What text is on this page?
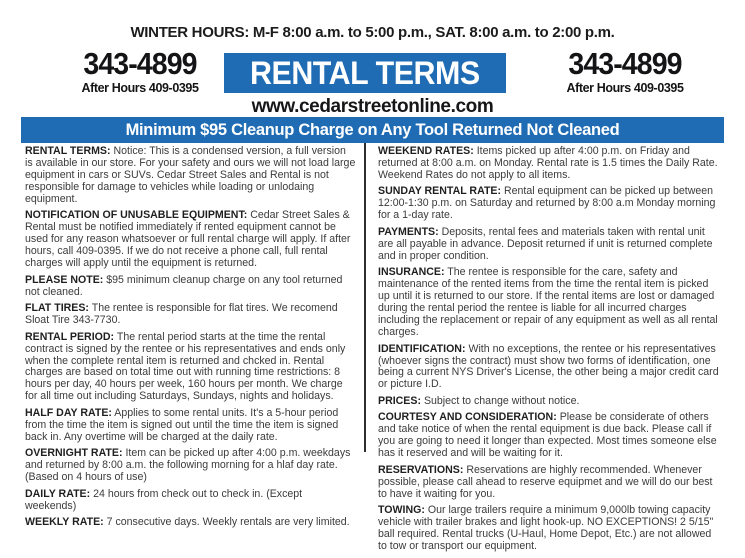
WINTER HOURS: M-F 8:00 a.m. to 5:00 p.m., SAT. 8:00 a.m. to 2:00 p.m.
343-4899
After Hours 409-0395	RENTAL TERMS	343-4899
After Hours 409-0395
www.cedarstreetonline.com
Minimum $95 Cleanup Charge on Any Tool Returned Not Cleaned

RENTAL TERMS: Notice: This is a condensed version, a full version is available in our store. For your safety and ours we will not load large equipment in cars or SUVs. Cedar Street Sales and Rental is not responsible for damage to vehicles while loading or unlodaing equipment.

NOTIFICATION OF UNUSABLE EQUIPMENT: Cedar Street Sales & Rental must be notified immediately if rented equipment cannot be used for any reason whatsoever or full rental charge will apply. If after hours, call 409-0395. If we do not receive a phone call, full rental charges will apply until the equipment is returned.

PLEASE NOTE: $95 minimum cleanup charge on any tool returned not cleaned.

FLAT TIRES: The rentee is responsible for flat tires. We recomend Sloat Tire 343-7730.

RENTAL PERIOD: The rental period starts at the time the rental contract is signed by the rentee or his representatives and ends only when the complete rental item is returned and chcked in. Rental charges are based on total time out with running time restrictions: 8 hours per day, 40 hours per week, 160 hours per month. We charge for all time out including Saturdays, Sundays, nights and holidays.

HALF DAY RATE: Applies to some rental units. It's a 5-hour period from the time the item is signed out until the time the item is signed back in. Any overtime will be charged at the daily rate.

OVERNIGHT RATE: Item can be picked up after 4:00 p.m. weekdays and returned by 8:00 a.m. the following morning for a hlaf day rate. (Based on 4 hours of use)

DAILY RATE: 24 hours from check out to check in. (Except weekends)

WEEKLY RATE: 7 consecutive days. Weekly rentals are very limited.

WEEKEND RATES: Items picked up after 4:00 p.m. on Friday and returned at 8:00 a.m. on Monday. Rental rate is 1.5 times the Daily Rate. Weekend Rates do not apply to all items.

SUNDAY RENTAL RATE: Rental equipment can be picked up between 12:00-1:30 p.m. on Saturday and returned by 8:00 a.m Monday morning for a 1-day rate.

PAYMENTS: Deposits, rental fees and materials taken with rental unit are all payable in advance. Deposit returned if unit is returned complete and in proper condition.

INSURANCE: The rentee is responsible for the care, safety and maintenance of the rented items from the time the rental item is picked up until it is returned to our store. If the rental items are lost or damaged during the rental period the rentee is liable for all incurred charges including the replacement or repair of any equipment as well as all rental charges.

IDENTIFICATION: With no exceptions, the rentee or his representatives (whoever signs the contract) must show two forms of identification, one being a current NYS Driver's License, the other being a major credit card or picture I.D.

PRICES: Subject to change without notice.

COURTESY AND CONSIDERATION: Please be considerate of others and take notice of when the rental equipment is due back. Please call if you are going to need it longer than expected. Most times someone else has it reserved and will be waiting for it.

RESERVATIONS: Reservations are highly recommended. Whenever possible, please call ahead to reserve equipmet and we will do our best to have it waiting for you.

TOWING: Our large trailers require a minimum 9,000lb towing capacity vehicle with trailer brakes and light hook-up. NO EXCEPTIONS! 2 5/15" ball required. Rental trucks (U-Haul, Home Depot, Etc.) are not allowed to tow or transport our equipment.
